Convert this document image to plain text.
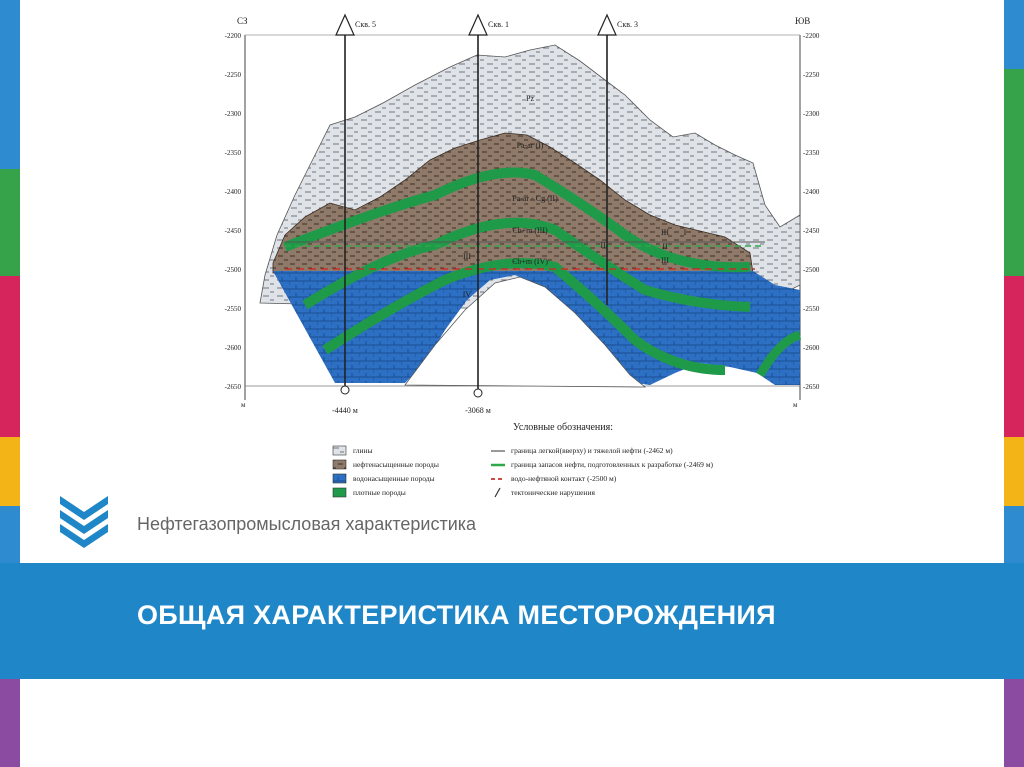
СЗ	ЮВ
-2200	-2200
-2250	-2250
-2300	-2300
-2350	-2350
-2400	-2400
-2450	-2450
-2500	-2500
-2550	-2550
-2600	-2600
-2650	-2650
Скв. 5
-4440 м
Скв. 1
-3068 м
Скв. 3
м	м
Рz
Ра-аr (I)
Ра-аr - Сg (II)
Єb+m (III)
Єb+m (IV)
III
IV
II
III I
II
III
Условные обозначения:
глины
нефтенасыщенные породы
водонасыщенные породы
плотные породы
граница легкой(вверху) и тяжелой нефти (-2462 м)
граница запасов нефти, подготовленных к разработке (-2469 м)
водо-нефтяной контакт (-2500 м)
тектонические нарушения
Нефтегазопромысловая характеристика
ОБЩАЯ ХАРАКТЕРИСТИКА МЕСТОРОЖДЕНИЯ
